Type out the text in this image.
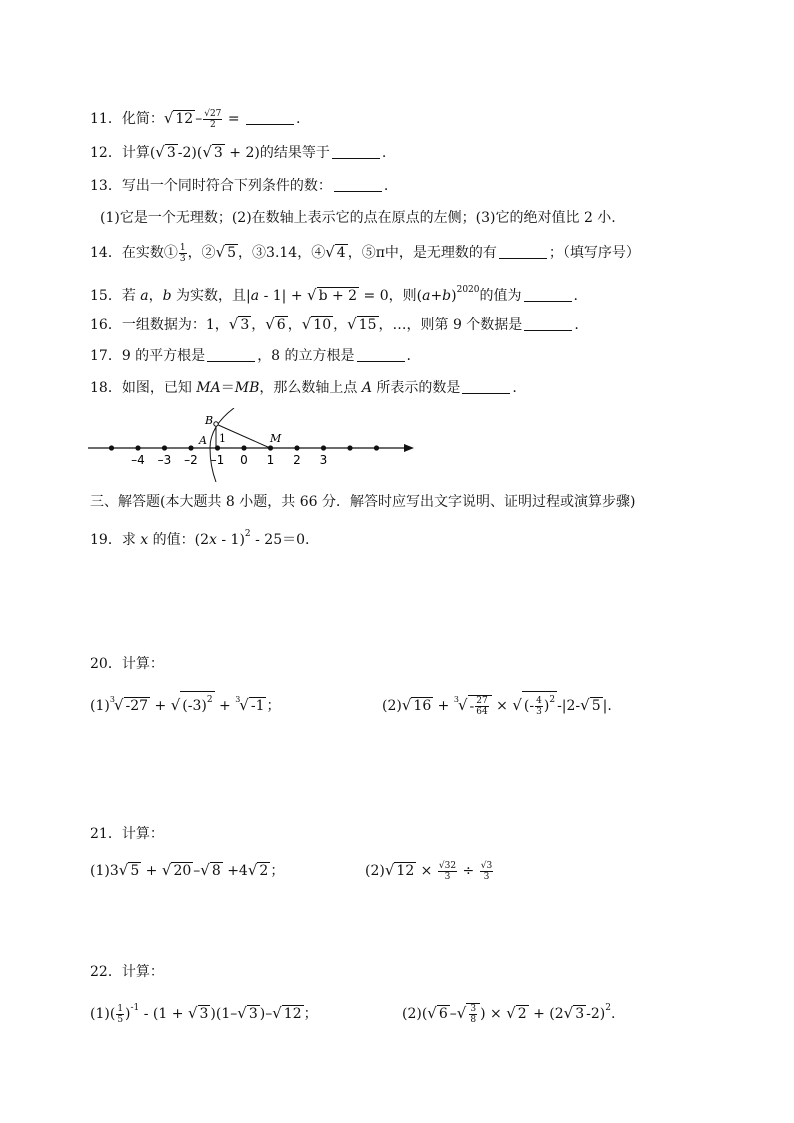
11．化简：√ $12 - \frac{√27}{2}$ =	.
12．计算(√ 3 -2)(√ 3 + 2)的结果等于	.
13．写出一个同时符合下列条件的数：	.
(1)它是一个无理数；(2)在数轴上表示它的点在原点的左侧；(3)它的绝对值比 2 小.
14．在实数① $\frac{1}{3}$ ，②√ 5 ，③3.14，④√ 4 ，⑤π中，是无理数的有	；（填写序号）
15．若 a，b 为实数，且|a - 1| + √ b + 2 = 0，则$(a+b)^{2020}$的值为	.
16．一组数据为：1，√ 3 ，√ 6 ，√ 10 ，√ 15 ，…，则第 9 个数据是	.
17．9 的平方根是	，8 的立方根是	.
18．如图，已知 MA＝MB，那么数轴上点 A 所表示的数是	.
–4 –3 –2 –1 0 1 2 3
B
A 1	M
三、解答题(本大题共 8 小题，共 66 分．解答时应写出文字说明、证明过程或演算步骤)
19．求 x 的值：(2x - 1)$^2$ - 25＝0.
20．计算：
$(1)^3√$ -27 + √ $(-3)^2 + ^3√$ -1 ；	(2)√ $16 + ^3√ - \frac{27}{64}$ × √ (- $\frac{4}{3} )^2$ -|2-√ 5 |.
21．计算：
(1)3√ 5 + √ 20 –√ 8 +4√ 2 ；	(2)√ $12 \times \frac{√32}{3} \div \frac{√3}{3}$
22．计算：
$(1)( \frac{1}{5} )^{-1} - (1$ + √ 3 )(1–√ 3 )–√ 12 ；	(2)(√ 6 –√ $\frac{3}{8}$ ) × √ 2 + (2√ 3 -2)$^2$.
